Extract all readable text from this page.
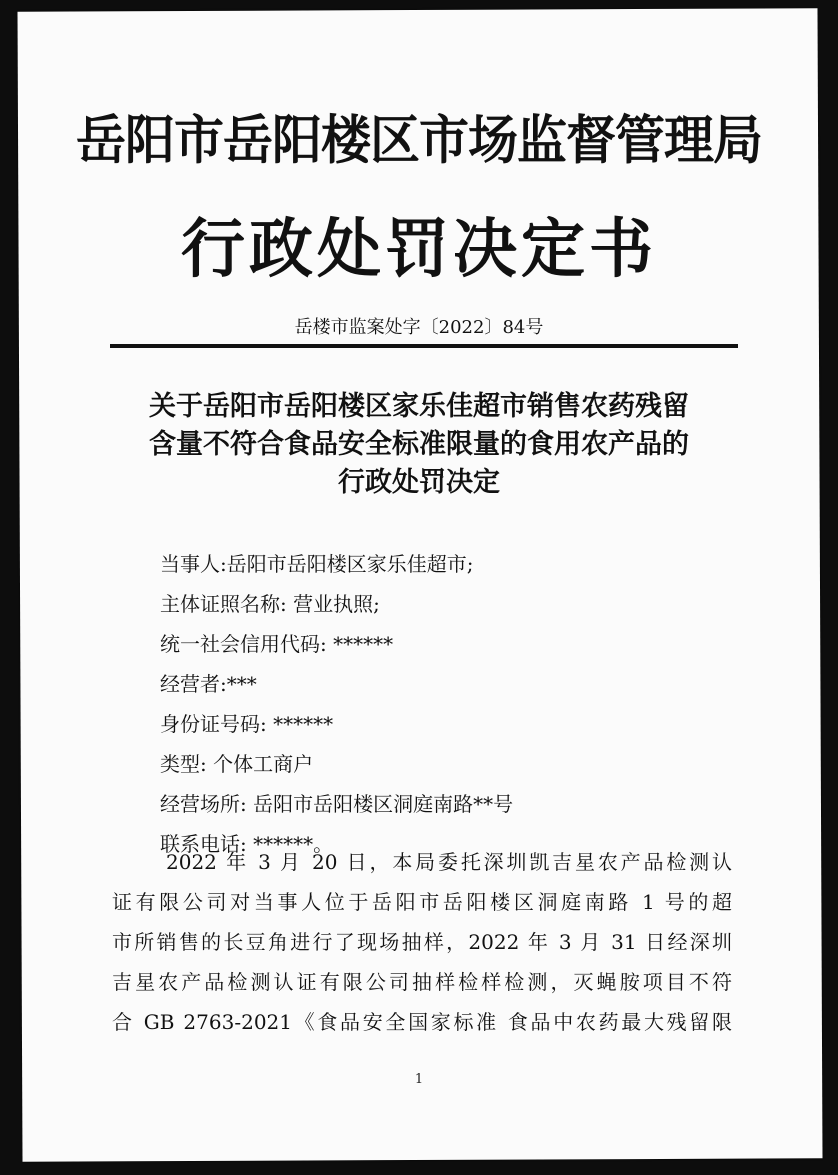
岳阳市岳阳楼区市场监督管理局
行政处罚决定书
岳楼市监案处字〔2022〕84号
关于岳阳市岳阳楼区家乐佳超市销售农药残留
含量不符合食品安全标准限量的食用农产品的
行政处罚决定
当事人:岳阳市岳阳楼区家乐佳超市;
主体证照名称: 营业执照;
统一社会信用代码: ******
经营者:***
身份证号码: ******
类型: 个体工商户
经营场所: 岳阳市岳阳楼区洞庭南路**号
联系电话: ******。
2022 年 3 月 20 日，本局委托深圳凯吉星农产品检测认
证有限公司对当事人位于岳阳市岳阳楼区洞庭南路 1 号的超
市所销售的长豆角进行了现场抽样，2022 年 3 月 31 日经深圳
吉星农产品检测认证有限公司抽样检样检测，灭蝇胺项目不符
合 GB 2763-2021《食品安全国家标准 食品中农药最大残留限
1
